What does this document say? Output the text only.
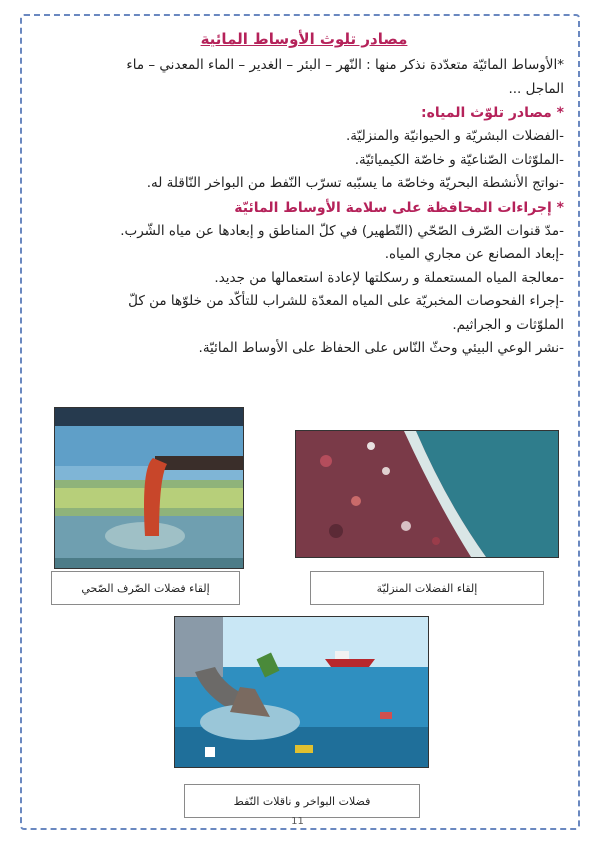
مصادر تلوث الأوساط المائية

*الأوساط المائيّة متعدّدة نذكر منها : النّهر – البئر – الغدير – الماء المعدني – ماء

الماجل ...

* مصادر تلوّث المياه:

-الفضلات البشريّة و الحيوانيّة والمنزليّة.

-الملوّثات الصّناعيّة و خاصّة الكيميائيّة.

-نواتج الأنشطة البحريّة وخاصّة ما يسبّبه تسرّب النّفط من البواخر النّاقلة له.

* إجراءات المحافظة على سلامة الأوساط المائيّة

-مدّ قنوات الصّرف الصّحّي (التّطهير) في كلّ المناطق و إبعادها عن مياه الشّرب.

-إبعاد المصانع عن مجاري المياه.

-معالجة المياه المستعملة و رسكلتها لإعادة استعمالها من جديد.

-إجراء الفحوصات المخبريّة على المياه المعدّة للشراب للتأكّد من خلوّها من كلّ

الملوّثات و الجراثيم.

-نشر الوعي البيئي وحثّ النّاس على الحفاظ على الأوساط المائيّة.

إلقاء فضلات الصّرف الصّحي	إلقاء الفضلات المنزليّة
فضلات البواخر و ناقلات النّفط
11
